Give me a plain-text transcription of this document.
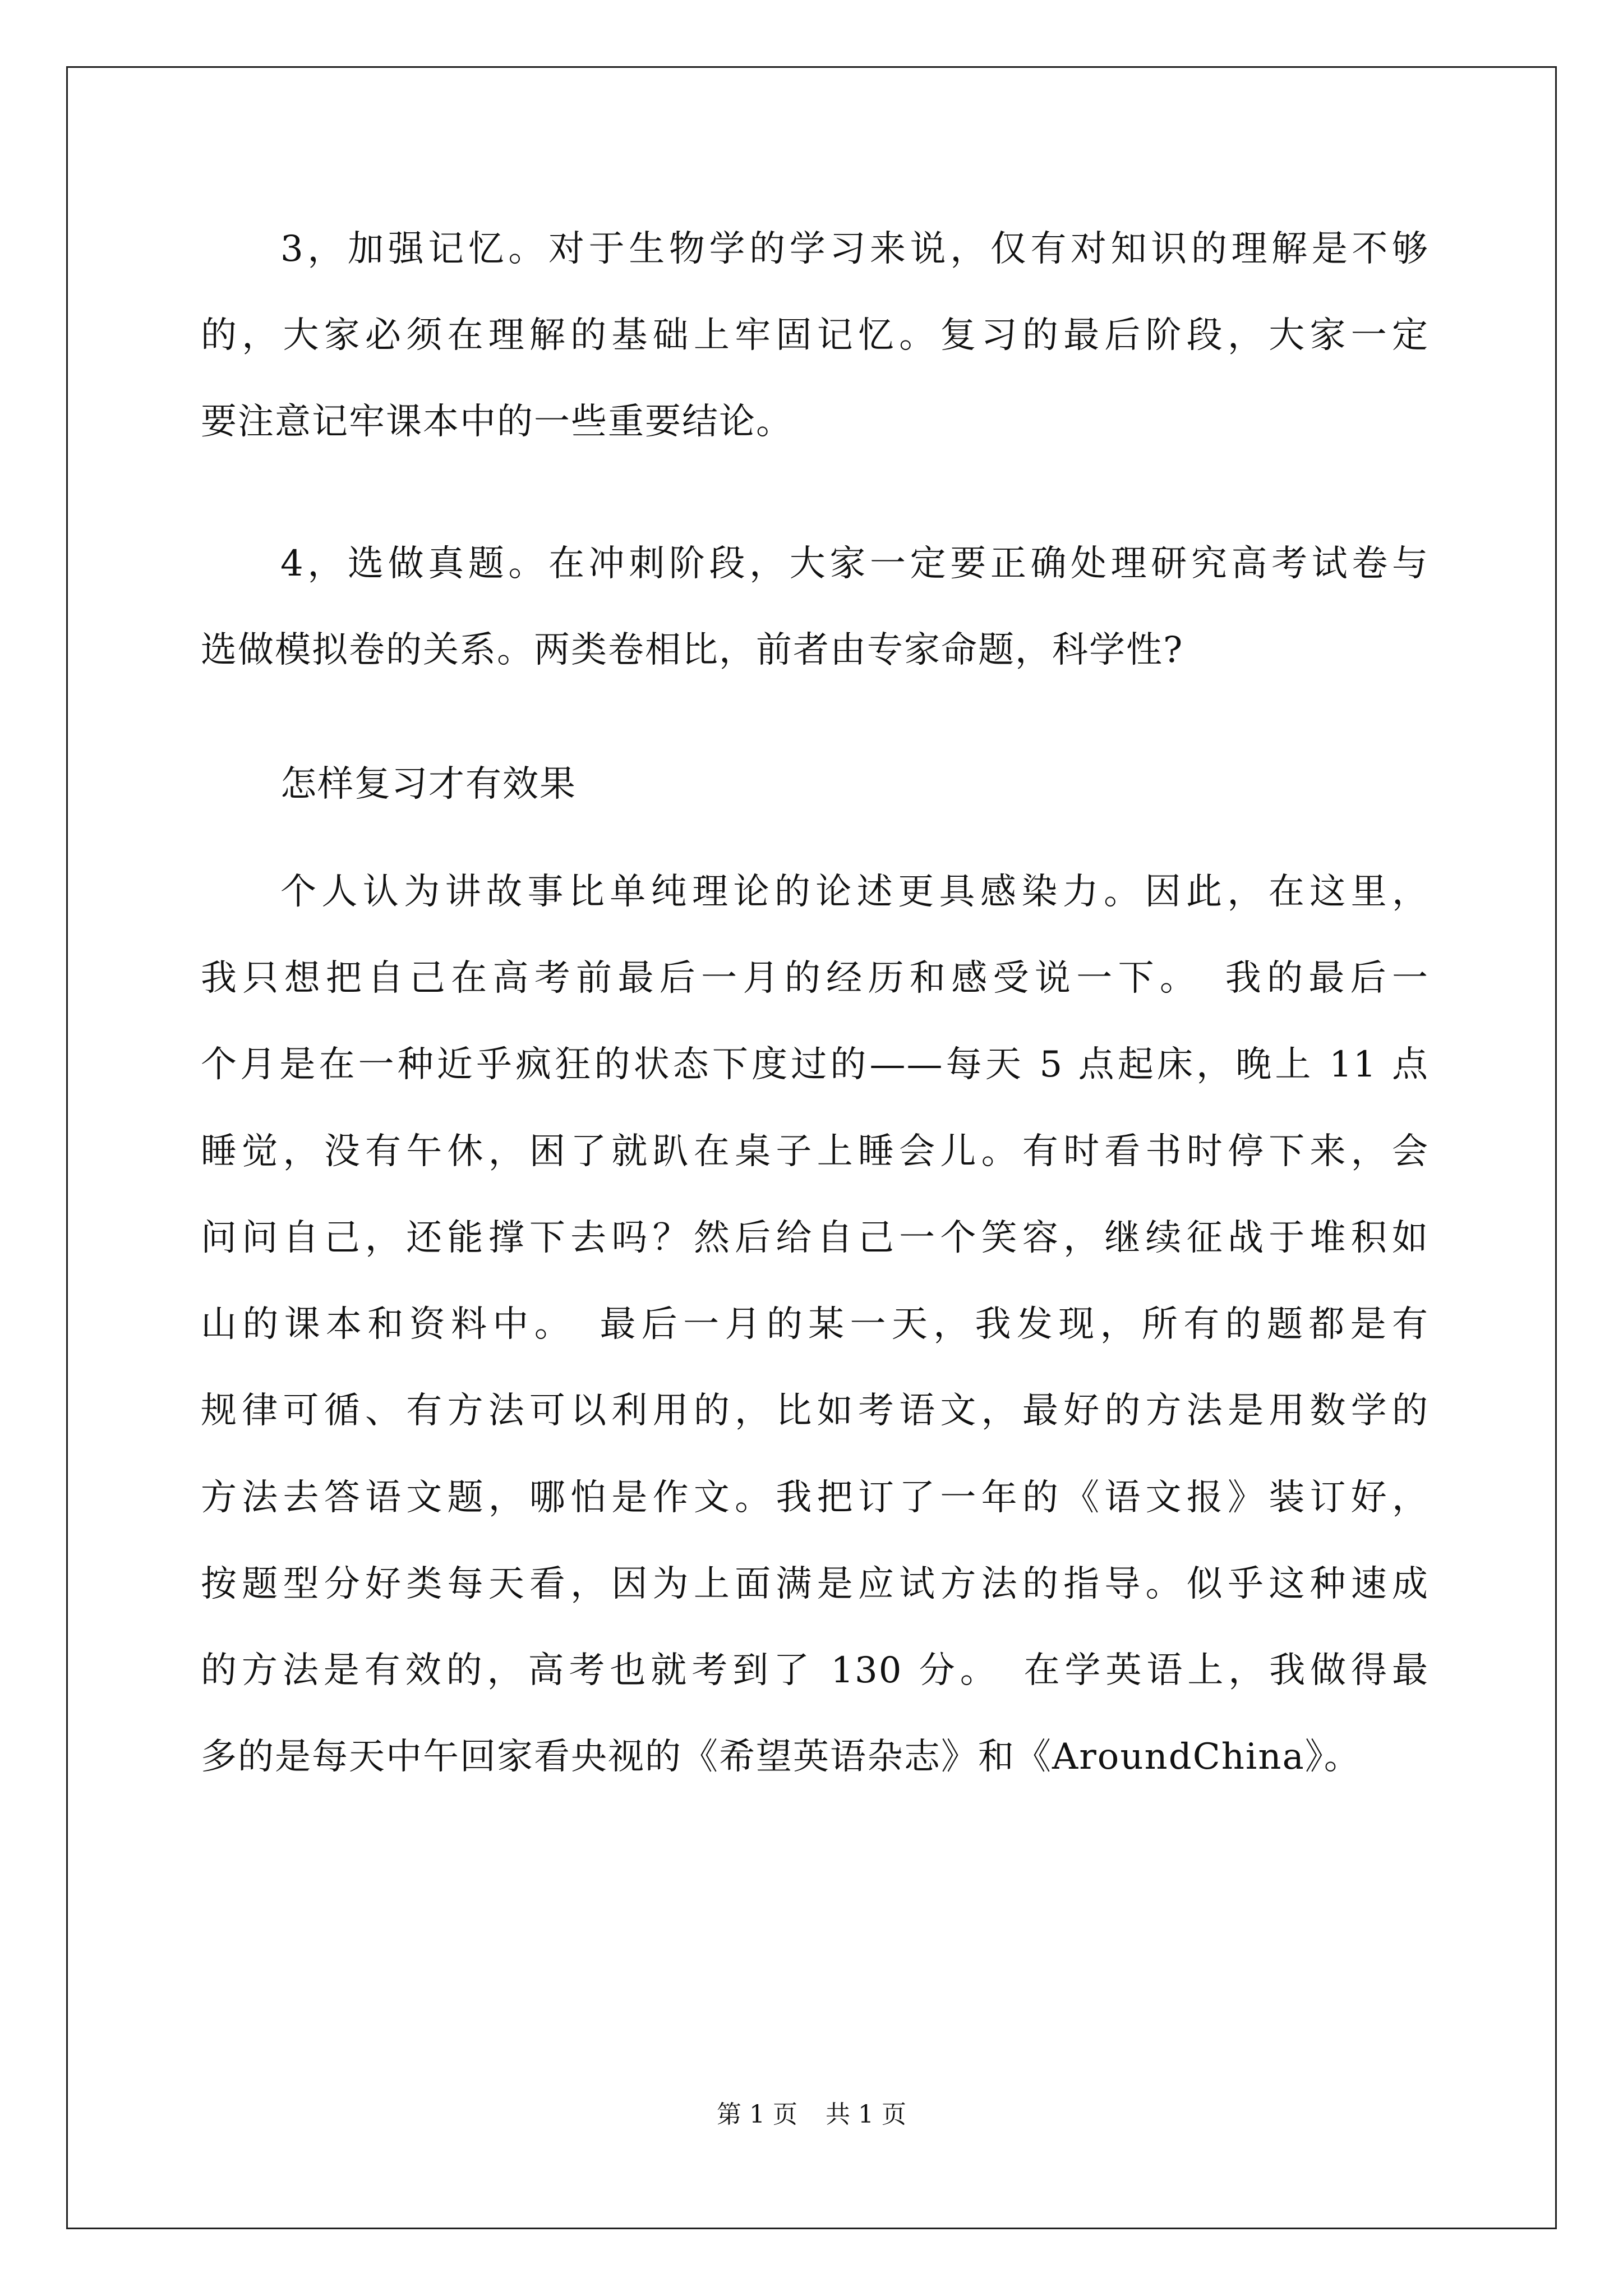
3，加强记忆。对于生物学的学习来说，仅有对知识的理解是不够
的，大家必须在理解的基础上牢固记忆。复习的最后阶段，大家一定
要注意记牢课本中的一些重要结论。
4，选做真题。在冲刺阶段，大家一定要正确处理研究高考试卷与
选做模拟卷的关系。两类卷相比，前者由专家命题，科学性?
怎样复习才有效果
个人认为讲故事比单纯理论的论述更具感染力。因此，在这里，
我只想把自己在高考前最后一月的经历和感受说一下。　我的最后一
个月是在一种近乎疯狂的状态下度过的——每天 5 点起床，晚上 11 点
睡觉，没有午休，困了就趴在桌子上睡会儿。有时看书时停下来，会
问问自己，还能撑下去吗？然后给自己一个笑容，继续征战于堆积如
山的课本和资料中。　最后一月的某一天，我发现，所有的题都是有
规律可循、有方法可以利用的，比如考语文，最好的方法是用数学的
方法去答语文题，哪怕是作文。我把订了一年的《语文报》装订好，
按题型分好类每天看，因为上面满是应试方法的指导。似乎这种速成
的方法是有效的，高考也就考到了 130 分。　在学英语上，我做得最
多的是每天中午回家看央视的《希望英语杂志》和《AroundChina》。
第 1 页 共 1 页
